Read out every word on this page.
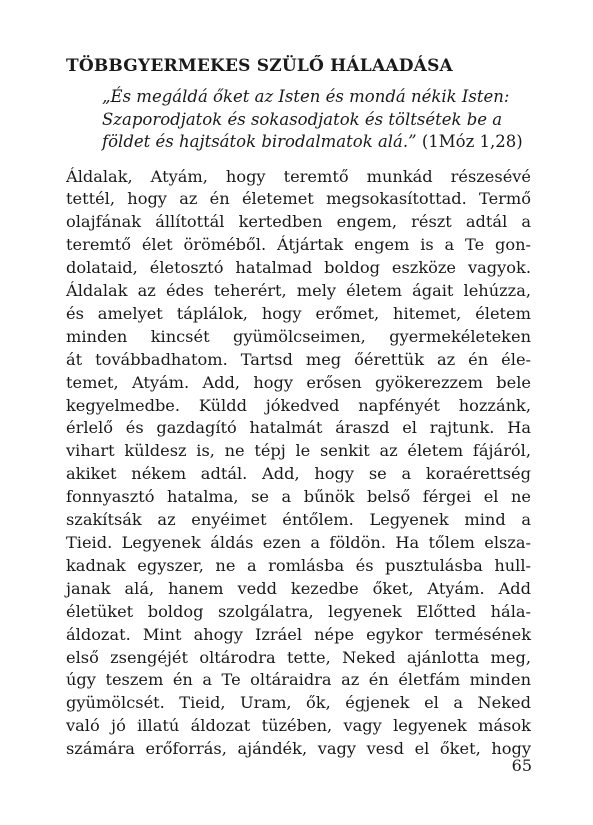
TÖBBGYERMEKES SZÜLŐ HÁLAADÁSA
„És megáldá őket az Isten és mondá nékik Isten:
Szaporodjatok és sokasodjatok és töltsétek be a
földet és hajtsátok birodalmatok alá.” (1Móz 1,28)
Áldalak, Atyám, hogy teremtő munkád részesévé
tettél, hogy az én életemet megsokasítottad. Termő
olajfának állítottál kertedben engem, részt adtál a
teremtő élet öröméből. Átjártak engem is a Te gon-
dolataid, életosztó hatalmad boldog eszköze vagyok.
Áldalak az édes teherért, mely életem ágait lehúzza,
és amelyet táplálok, hogy erőmet, hitemet, életem
minden kincsét gyümölcseimen, gyermekéleteken
át továbbadhatom. Tartsd meg őérettük az én éle-
temet, Atyám. Add, hogy erősen gyökerezzem bele
kegyelmedbe. Küldd jókedved napfényét hozzánk,
érlelő és gazdagító hatalmát áraszd el rajtunk. Ha
vihart küldesz is, ne tépj le senkit az életem fájáról,
akiket nékem adtál. Add, hogy se a koraérettség
fonnyasztó hatalma, se a bűnök belső férgei el ne
szakítsák az enyéimet éntőlem. Legyenek mind a
Tieid. Legyenek áldás ezen a földön. Ha tőlem elsza-
kadnak egyszer, ne a romlásba és pusztulásba hull-
janak alá, hanem vedd kezedbe őket, Atyám. Add
életüket boldog szolgálatra, legyenek Előtted hála-
áldozat. Mint ahogy Izráel népe egykor termésének
első zsengéjét oltárodra tette, Neked ajánlotta meg,
úgy teszem én a Te oltáraidra az én életfám minden
gyümölcsét. Tieid, Uram, ők, égjenek el a Neked
való jó illatú áldozat tüzében, vagy legyenek mások
számára erőforrás, ajándék, vagy vesd el őket, hogy
65
